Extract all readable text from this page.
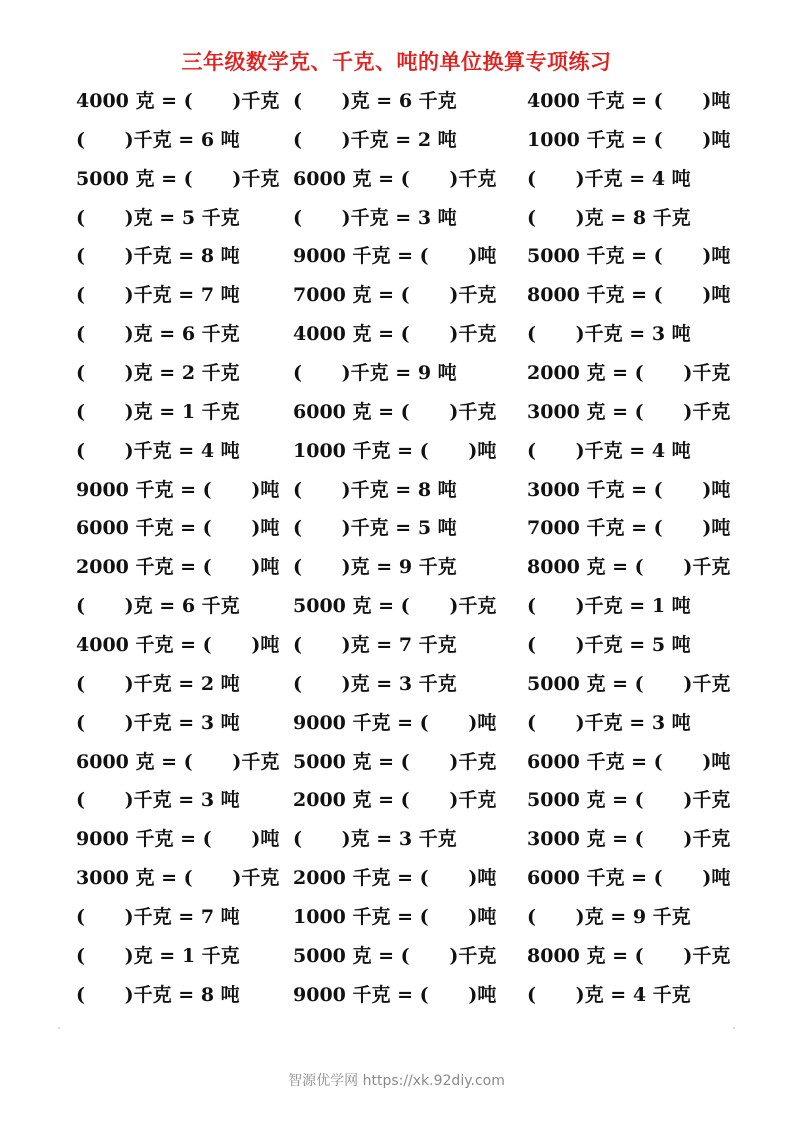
三年级数学克、千克、吨的单位换算专项练习
4000 克 = (      )千克 (      )克 = 6 千克	4000 千克 = (      )吨
(      )千克 = 6 吨	(      )千克 = 2 吨	1000 千克 = (      )吨
5000 克 = (      )千克 6000 克 = (      )千克 (      )千克 = 4 吨
(      )克 = 5 千克	(      )千克 = 3 吨	(      )克 = 8 千克
(      )千克 = 8 吨	9000 千克 = (      )吨 5000 千克 = (      )吨
(      )千克 = 7 吨	7000 克 = (      )千克 8000 千克 = (      )吨
(      )克 = 6 千克	4000 克 = (      )千克 (      )千克 = 3 吨
(      )克 = 2 千克	(      )千克 = 9 吨	2000 克 = (      )千克
(      )克 = 1 千克	6000 克 = (      )千克 3000 克 = (      )千克
(      )千克 = 4 吨	1000 千克 = (      )吨 (      )千克 = 4 吨
9000 千克 = (      )吨 (      )千克 = 8 吨	3000 千克 = (      )吨
6000 千克 = (      )吨 (      )千克 = 5 吨	7000 千克 = (      )吨
2000 千克 = (      )吨 (      )克 = 9 千克	8000 克 = (      )千克
(      )克 = 6 千克	5000 克 = (      )千克 (      )千克 = 1 吨
4000 千克 = (      )吨 (      )克 = 7 千克	(      )千克 = 5 吨
(      )千克 = 2 吨	(      )克 = 3 千克	5000 克 = (      )千克
(      )千克 = 3 吨	9000 千克 = (      )吨 (      )千克 = 3 吨
6000 克 = (      )千克 5000 克 = (      )千克 6000 千克 = (      )吨
(      )千克 = 3 吨	2000 克 = (      )千克 5000 克 = (      )千克
9000 千克 = (      )吨 (      )克 = 3 千克	3000 克 = (      )千克
3000 克 = (      )千克 2000 千克 = (      )吨 6000 千克 = (      )吨
(      )千克 = 7 吨	1000 千克 = (      )吨 (      )克 = 9 千克
(      )克 = 1 千克	5000 克 = (      )千克 8000 克 = (      )千克
(      )千克 = 8 吨	9000 千克 = (      )吨 (      )克 = 4 千克
智源优学网 https://xk.92diy.com
